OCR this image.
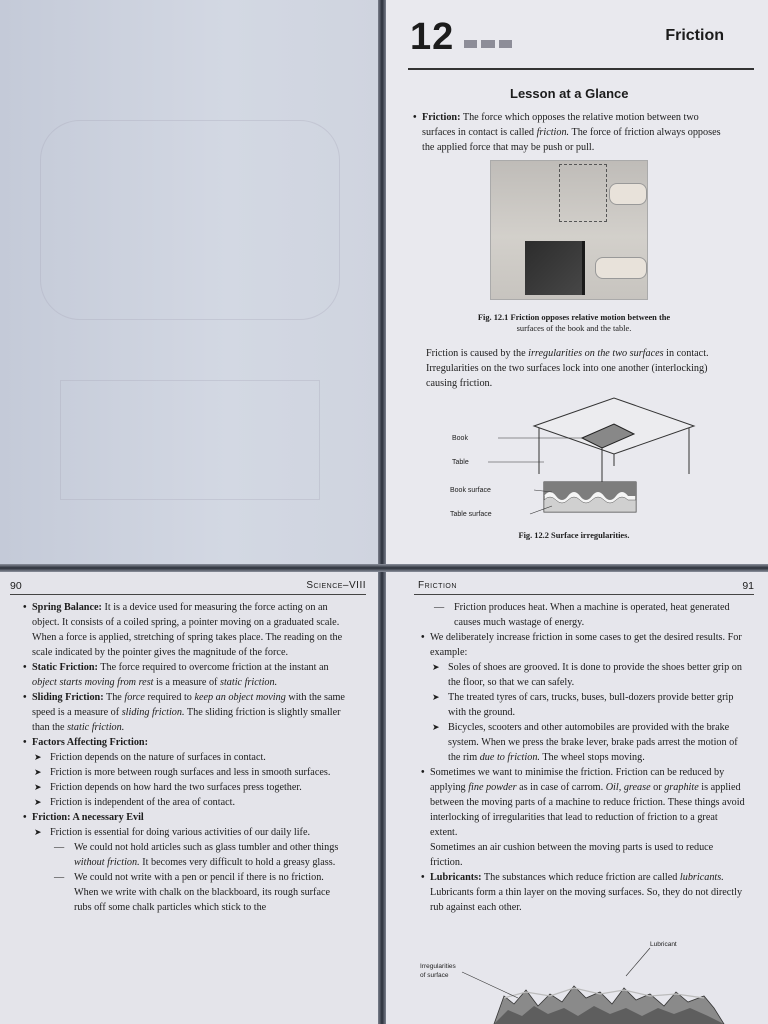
12	Friction
Lesson at a Glance
• Friction: The force which opposes the relative motion between two surfaces in contact is called friction. The force of friction always opposes the applied force that may be push or pull.
Fig. 12.1 Friction opposes relative motion between the
surfaces of the book and the table.
Friction is caused by the irregularities on the two surfaces in contact. Irregularities on the two surfaces lock into one another (interlocking) causing friction.
Book
Table
Book surface
Table surface
Fig. 12.2 Surface irregularities.
90	Science–VIII
• Spring Balance: It is a device used for measuring the force acting on an object. It consists of a coiled spring, a pointer moving on a graduated scale. When a force is applied, stretching of spring takes place. The reading on the scale indicated by the pointer gives the magnitude of the force.
• Static Friction: The force required to overcome friction at the instant an object starts moving from rest is a measure of static friction.
• Sliding Friction: The force required to keep an object moving with the same speed is a measure of sliding friction. The sliding friction is slightly smaller than the static friction.
• Factors Affecting Friction:
➤ Friction depends on the nature of surfaces in contact.
➤ Friction is more between rough surfaces and less in smooth surfaces.
➤ Friction depends on how hard the two surfaces press together.
➤ Friction is independent of the area of contact.
• Friction: A necessary Evil
➤ Friction is essential for doing various activities of our daily life.
— We could not hold articles such as glass tumbler and other things without friction. It becomes very difficult to hold a greasy glass.
— We could not write with a pen or pencil if there is no friction.
When we write with chalk on the blackboard, its rough surface rubs off some chalk particles which stick to the
Friction	91
— Friction produces heat. When a machine is operated, heat generated causes much wastage of energy.
• We deliberately increase friction in some cases to get the desired results. For example:
➤ Soles of shoes are grooved. It is done to provide the shoes better grip on the floor, so that we can safely.
➤ The treated tyres of cars, trucks, buses, bull-dozers provide better grip with the ground.
➤ Bicycles, scooters and other automobiles are provided with the brake system. When we press the brake lever, brake pads arrest the motion of the rim due to friction. The wheel stops moving.
• Sometimes we want to minimise the friction. Friction can be reduced by applying fine powder as in case of carrom. Oil, grease or graphite is applied between the moving parts of a machine to reduce friction. These things avoid interlocking of irregularities that lead to reduction of friction to a great extent.
Sometimes an air cushion between the moving parts is used to reduce friction.
• Lubricants: The substances which reduce friction are called lubricants. Lubricants form a thin layer on the moving surfaces. So, they do not directly rub against each other.
Lubricant
Irregularities
of surface
